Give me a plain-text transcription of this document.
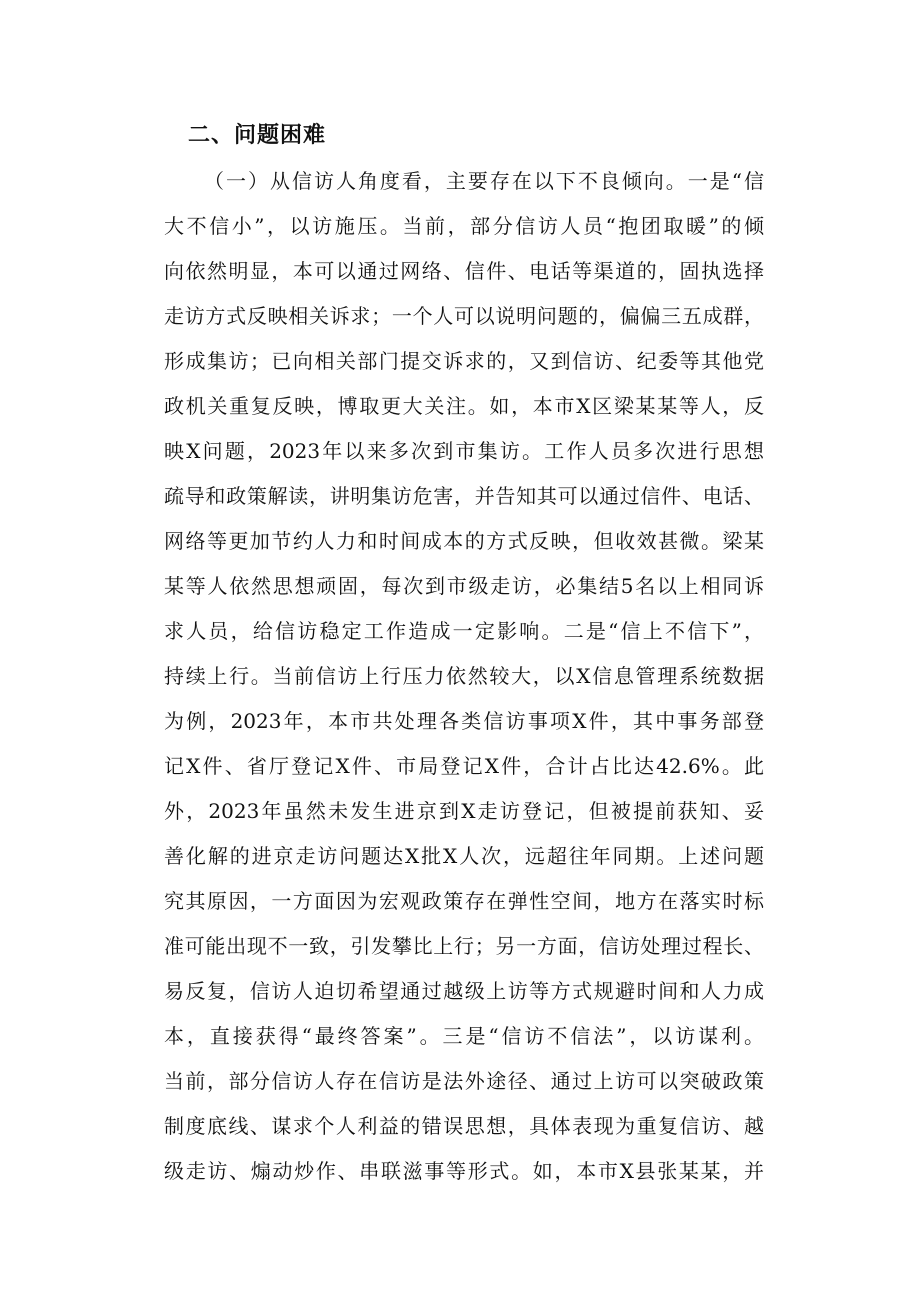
二、问题困难
（一）从信访人角度看，主要存在以下不良倾向。一是“信
大不信小”，以访施压。当前，部分信访人员“抱团取暖”的倾
向依然明显，本可以通过网络、信件、电话等渠道的，固执选择
走访方式反映相关诉求；一个人可以说明问题的，偏偏三五成群，
形成集访；已向相关部门提交诉求的，又到信访、纪委等其他党
政机关重复反映，博取更大关注。如，本市X区梁某某等人，反
映X问题，2023年以来多次到市集访。工作人员多次进行思想
疏导和政策解读，讲明集访危害，并告知其可以通过信件、电话、
网络等更加节约人力和时间成本的方式反映，但收效甚微。梁某
某等人依然思想顽固，每次到市级走访，必集结5名以上相同诉
求人员，给信访稳定工作造成一定影响。二是“信上不信下”，
持续上行。当前信访上行压力依然较大，以X信息管理系统数据
为例，2023年，本市共处理各类信访事项X件，其中事务部登
记X件、省厅登记X件、市局登记X件，合计占比达42.6%。此
外，2023年虽然未发生进京到X走访登记，但被提前获知、妥
善化解的进京走访问题达X批X人次，远超往年同期。上述问题
究其原因，一方面因为宏观政策存在弹性空间，地方在落实时标
准可能出现不一致，引发攀比上行；另一方面，信访处理过程长、
易反复，信访人迫切希望通过越级上访等方式规避时间和人力成
本，直接获得“最终答案”。三是“信访不信法”，以访谋利。
当前，部分信访人存在信访是法外途径、通过上访可以突破政策
制度底线、谋求个人利益的错误思想，具体表现为重复信访、越
级走访、煽动炒作、串联滋事等形式。如，本市X县张某某，并
